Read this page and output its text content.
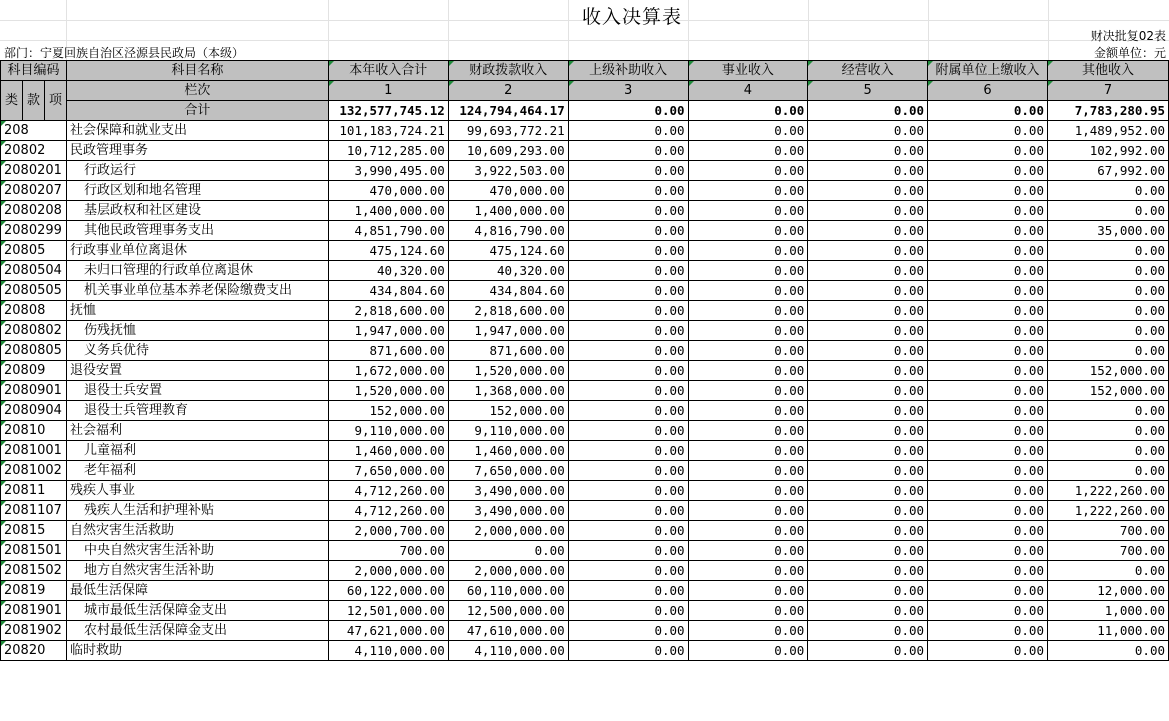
收入决算表
财决批复02表
部门：宁夏回族自治区泾源县民政局（本级）	金额单位：元
科目编码			科目名称	本年收入合计	财政拨款收入	上级补助收入	事业收入	经营收入	附属单位上缴收入	其他收入
类	款	项	栏次	1	2	3	4	5	6	7
			合计	132,577,745.12	124,794,464.17	0.00	0.00	0.00	0.00	7,783,280.95
208			社会保障和就业支出	101,183,724.21	99,693,772.21	0.00	0.00	0.00	0.00	1,489,952.00
20802			民政管理事务	10,712,285.00	10,609,293.00	0.00	0.00	0.00	0.00	102,992.00
2080201			行政运行	3,990,495.00	3,922,503.00	0.00	0.00	0.00	0.00	67,992.00
2080207			行政区划和地名管理	470,000.00	470,000.00	0.00	0.00	0.00	0.00	0.00
2080208			基层政权和社区建设	1,400,000.00	1,400,000.00	0.00	0.00	0.00	0.00	0.00
2080299			其他民政管理事务支出	4,851,790.00	4,816,790.00	0.00	0.00	0.00	0.00	35,000.00
20805			行政事业单位离退休	475,124.60	475,124.60	0.00	0.00	0.00	0.00	0.00
2080504			未归口管理的行政单位离退休	40,320.00	40,320.00	0.00	0.00	0.00	0.00	0.00
2080505			机关事业单位基本养老保险缴费支出	434,804.60	434,804.60	0.00	0.00	0.00	0.00	0.00
20808			抚恤	2,818,600.00	2,818,600.00	0.00	0.00	0.00	0.00	0.00
2080802			伤残抚恤	1,947,000.00	1,947,000.00	0.00	0.00	0.00	0.00	0.00
2080805			义务兵优待	871,600.00	871,600.00	0.00	0.00	0.00	0.00	0.00
20809			退役安置	1,672,000.00	1,520,000.00	0.00	0.00	0.00	0.00	152,000.00
2080901			退役士兵安置	1,520,000.00	1,368,000.00	0.00	0.00	0.00	0.00	152,000.00
2080904			退役士兵管理教育	152,000.00	152,000.00	0.00	0.00	0.00	0.00	0.00
20810			社会福利	9,110,000.00	9,110,000.00	0.00	0.00	0.00	0.00	0.00
2081001			儿童福利	1,460,000.00	1,460,000.00	0.00	0.00	0.00	0.00	0.00
2081002			老年福利	7,650,000.00	7,650,000.00	0.00	0.00	0.00	0.00	0.00
20811			残疾人事业	4,712,260.00	3,490,000.00	0.00	0.00	0.00	0.00	1,222,260.00
2081107			残疾人生活和护理补贴	4,712,260.00	3,490,000.00	0.00	0.00	0.00	0.00	1,222,260.00
20815			自然灾害生活救助	2,000,700.00	2,000,000.00	0.00	0.00	0.00	0.00	700.00
2081501			中央自然灾害生活补助	700.00	0.00	0.00	0.00	0.00	0.00	700.00
2081502			地方自然灾害生活补助	2,000,000.00	2,000,000.00	0.00	0.00	0.00	0.00	0.00
20819			最低生活保障	60,122,000.00	60,110,000.00	0.00	0.00	0.00	0.00	12,000.00
2081901			城市最低生活保障金支出	12,501,000.00	12,500,000.00	0.00	0.00	0.00	0.00	1,000.00
2081902			农村最低生活保障金支出	47,621,000.00	47,610,000.00	0.00	0.00	0.00	0.00	11,000.00
20820			临时救助	4,110,000.00	4,110,000.00	0.00	0.00	0.00	0.00	0.00
